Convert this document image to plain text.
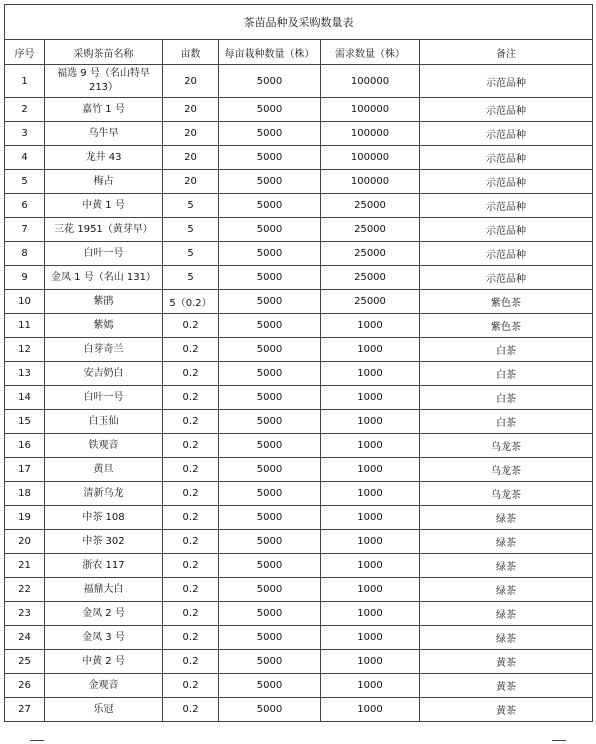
茶苗品种及采购数量表					
序号	采购茶苗名称	亩数	每亩栽种数量（株）	需求数量（株）	备注
1	福选 9 号（名山特早 213）	20	5000	100000	示范品种
2	嘉竹 1 号	20	5000	100000	示范品种
3	乌牛早	20	5000	100000	示范品种
4	龙井 43	20	5000	100000	示范品种
5	梅占	20	5000	100000	示范品种
6	中黄 1 号	5	5000	25000	示范品种
7	三花 1951（黄芽早）	5	5000	25000	示范品种
8	白叶一号	5	5000	25000	示范品种
9	金凤 1 号（名山 131）	5	5000	25000	示范品种
10	紫鹃	5（0.2）	5000	25000	紫色茶
11	紫嫣	0.2	5000	1000	紫色茶
12	白芽奇兰	0.2	5000	1000	白茶
13	安吉奶白	0.2	5000	1000	白茶
14	白叶一号	0.2	5000	1000	白茶
15	白玉仙	0.2	5000	1000	白茶
16	铁观音	0.2	5000	1000	乌龙茶
17	黄旦	0.2	5000	1000	乌龙茶
18	清新乌龙	0.2	5000	1000	乌龙茶
19	中茶 108	0.2	5000	1000	绿茶
20	中茶 302	0.2	5000	1000	绿茶
21	浙农 117	0.2	5000	1000	绿茶
22	福鼎大白	0.2	5000	1000	绿茶
23	金凤 2 号	0.2	5000	1000	绿茶
24	金凤 3 号	0.2	5000	1000	绿茶
25	中黄 2 号	0.2	5000	1000	黄茶
26	金观音	0.2	5000	1000	黄茶
27	乐冠	0.2	5000	1000	黄茶
